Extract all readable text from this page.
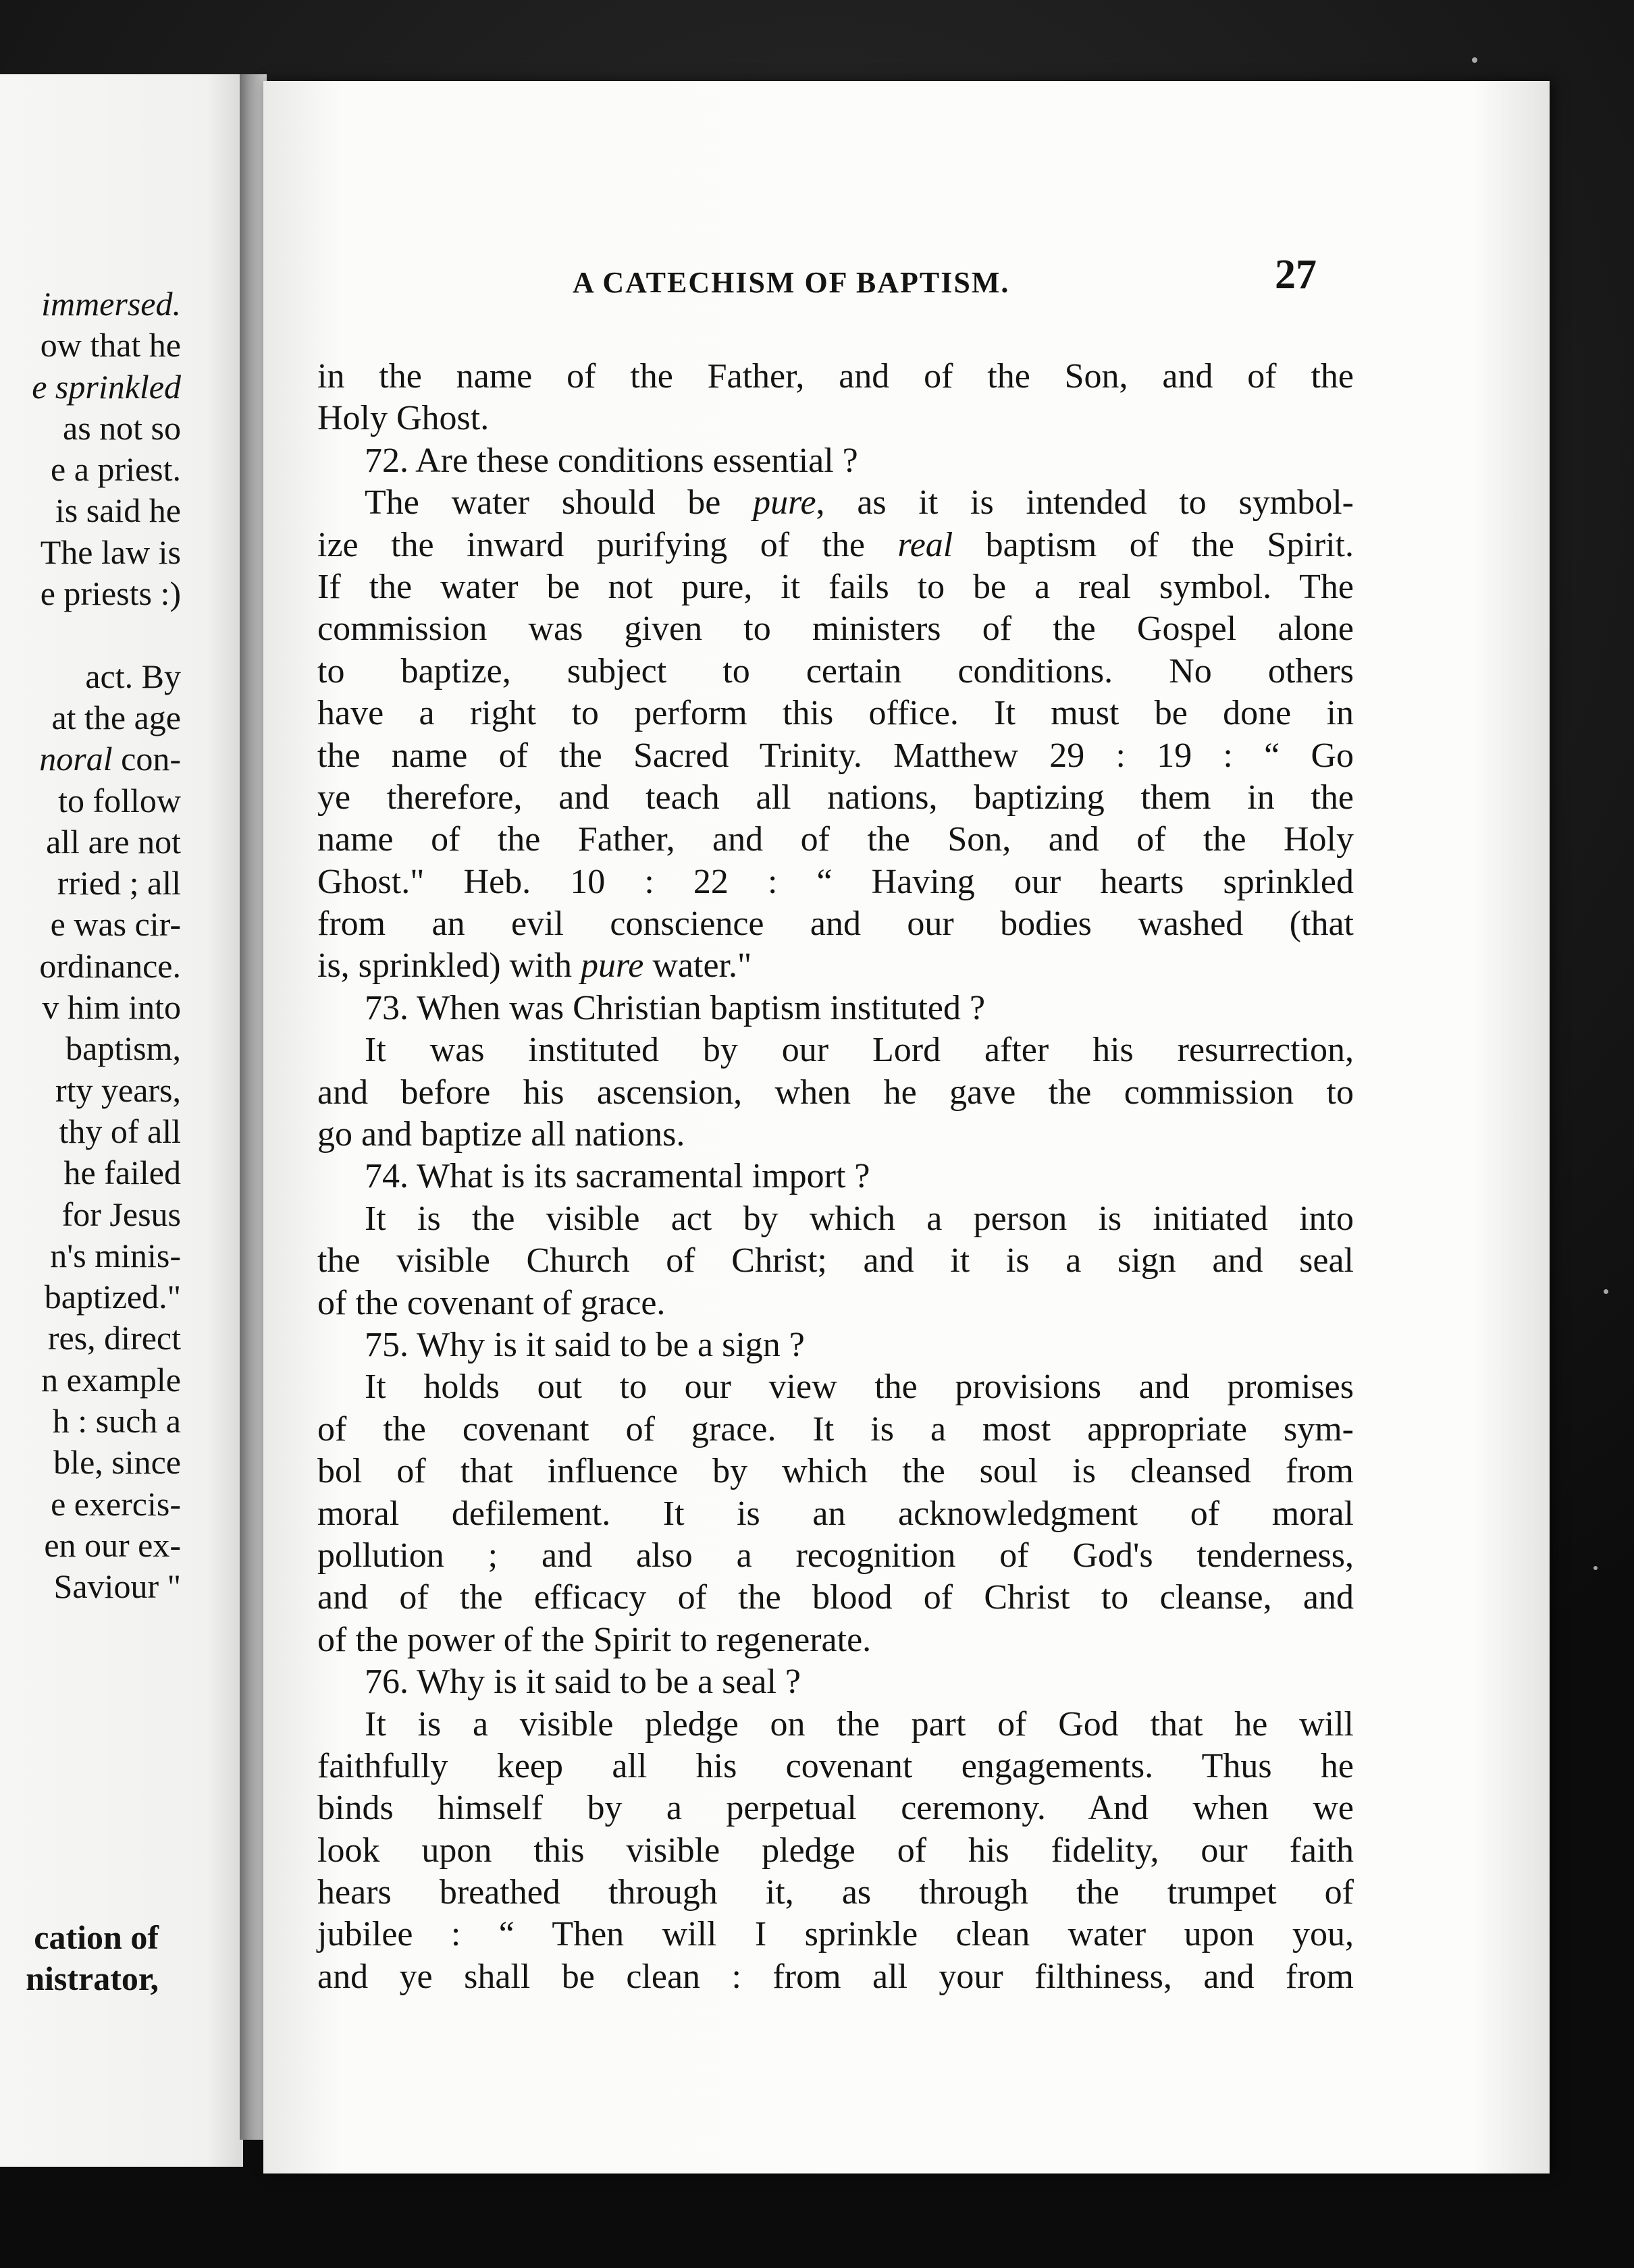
immersed.
ow that he
e sprinkled
as not so
e a priest.
is said he
The law is
e priests :)

act. By
at the age
noral con-
to follow
all are not
rried ; all
e was cir-
ordinance.
v him into
baptism,
rty years,
thy of all
he failed
for Jesus
n's minis-
baptized."
res, direct
n example
h : such a
ble, since
e exercis-
en our ex-
Saviour "
cation of
nistrator,
A CATECHISM OF BAPTISM.	27
in the name of the Father, and of the Son, and of the
Holy Ghost.
72. Are these conditions essential ?
The water should be pure, as it is intended to symbol-
ize the inward purifying of the real baptism of the Spirit.
If the water be not pure, it fails to be a real symbol. The
commission was given to ministers of the Gospel alone
to baptize, subject to certain conditions. No others
have a right to perform this office. It must be done in
the name of the Sacred Trinity. Matthew 29 : 19 : “ Go
ye therefore, and teach all nations, baptizing them in the
name of the Father, and of the Son, and of the Holy
Ghost." Heb. 10 : 22 : “ Having our hearts sprinkled
from an evil conscience and our bodies washed (that
is, sprinkled) with pure water."
73. When was Christian baptism instituted ?
It was instituted by our Lord after his resurrection,
and before his ascension, when he gave the commission to
go and baptize all nations.
74. What is its sacramental import ?
It is the visible act by which a person is initiated into
the visible Church of Christ; and it is a sign and seal
of the covenant of grace.
75. Why is it said to be a sign ?
It holds out to our view the provisions and promises
of the covenant of grace. It is a most appropriate sym-
bol of that influence by which the soul is cleansed from
moral defilement. It is an acknowledgment of moral
pollution ; and also a recognition of God's tenderness,
and of the efficacy of the blood of Christ to cleanse, and
of the power of the Spirit to regenerate.
76. Why is it said to be a seal ?
It is a visible pledge on the part of God that he will
faithfully keep all his covenant engagements. Thus he
binds himself by a perpetual ceremony. And when we
look upon this visible pledge of his fidelity, our faith
hears breathed through it, as through the trumpet of
jubilee : “ Then will I sprinkle clean water upon you,
and ye shall be clean : from all your filthiness, and from
